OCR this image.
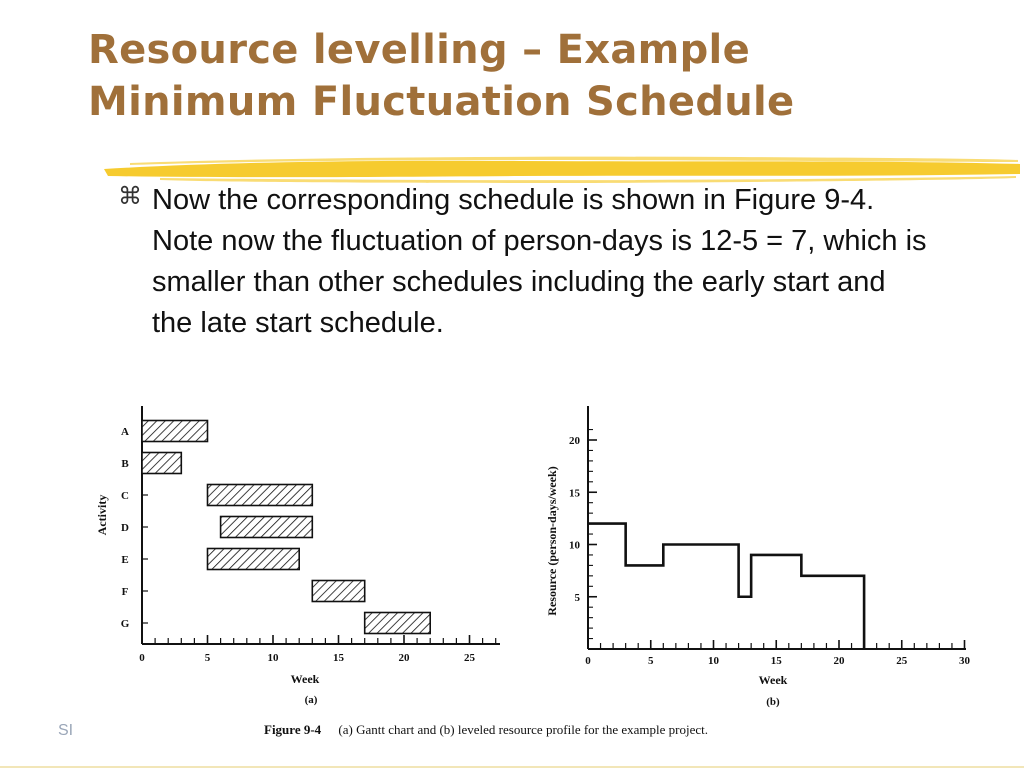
Resource levelling – Example
Minimum Fluctuation Schedule
⌘ Now the corresponding schedule is shown in Figure 9-4. Note now the fluctuation of person-days is 12-5 = 7, which is smaller than other schedules including the early start and the late start schedule.

A
B
C
D
E
F
G
0	5	10	15	20	25
Activity
Week
(a)
5
10
15
20
0	5	10	15	20	25	30
Resource (person-days/week)
Week
(b)
Figure 9-4 (a) Gantt chart and (b) leveled resource profile for the example project.
SI
